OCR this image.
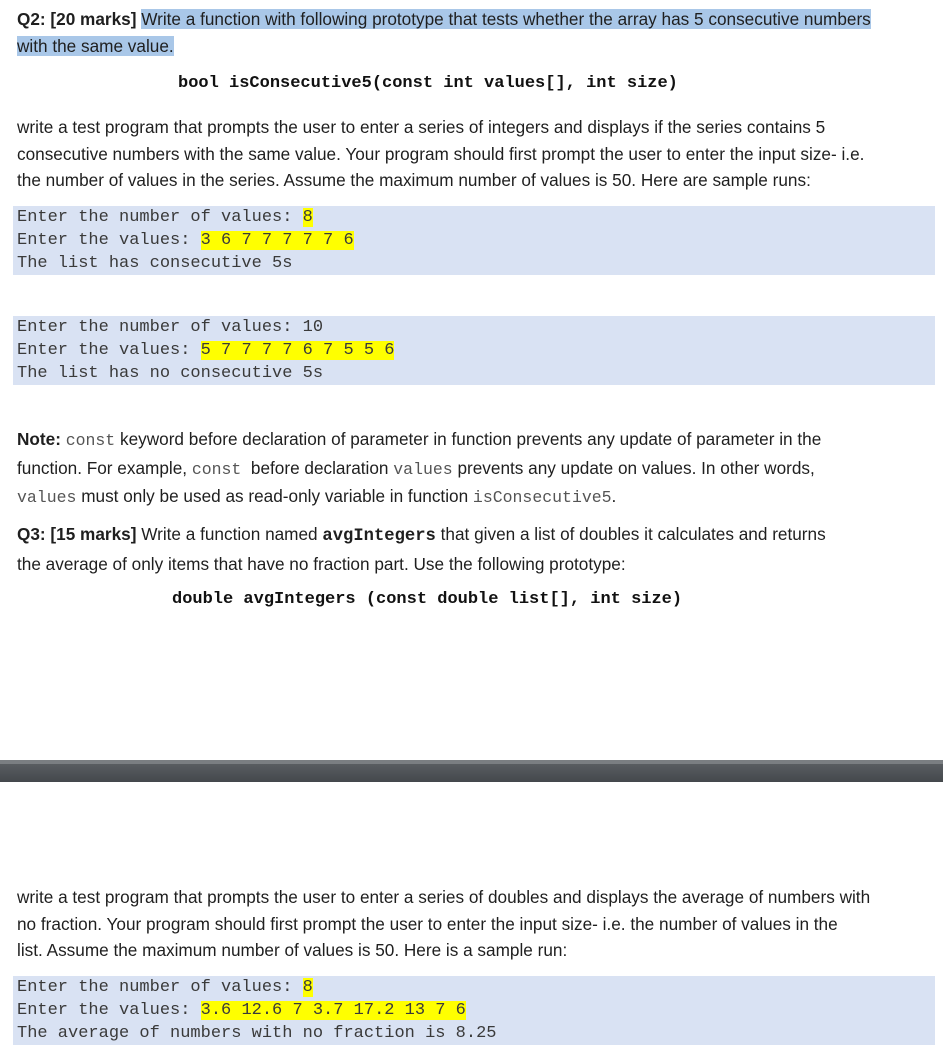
Q2: [20 marks] Write a function with following prototype that tests whether the array has 5 consecutive numbers
with the same value.
bool isConsecutive5(const int values[], int size)
write a test program that prompts the user to enter a series of integers and displays if the series contains 5
consecutive numbers with the same value. Your program should first prompt the user to enter the input size- i.e.
the number of values in the series. Assume the maximum number of values is 50. Here are sample runs:
Enter the number of values: 8
Enter the values: 3 6 7 7 7 7 7 6
The list has consecutive 5s
Enter the number of values: 10
Enter the values: 5 7 7 7 7 6 7 5 5 6
The list has no consecutive 5s
Note: const keyword before declaration of parameter in function prevents any update of parameter in the
function. For example, const  before declaration values prevents any update on values. In other words,
values must only be used as read-only variable in function isConsecutive5.
Q3: [15 marks] Write a function named avgIntegers that given a list of doubles it calculates and returns
the average of only items that have no fraction part. Use the following prototype:
double avgIntegers (const double list[], int size)
write a test program that prompts the user to enter a series of doubles and displays the average of numbers with
no fraction. Your program should first prompt the user to enter the input size- i.e. the number of values in the
list. Assume the maximum number of values is 50. Here is a sample run:
Enter the number of values: 8
Enter the values: 3.6 12.6 7 3.7 17.2 13 7 6
The average of numbers with no fraction is 8.25
